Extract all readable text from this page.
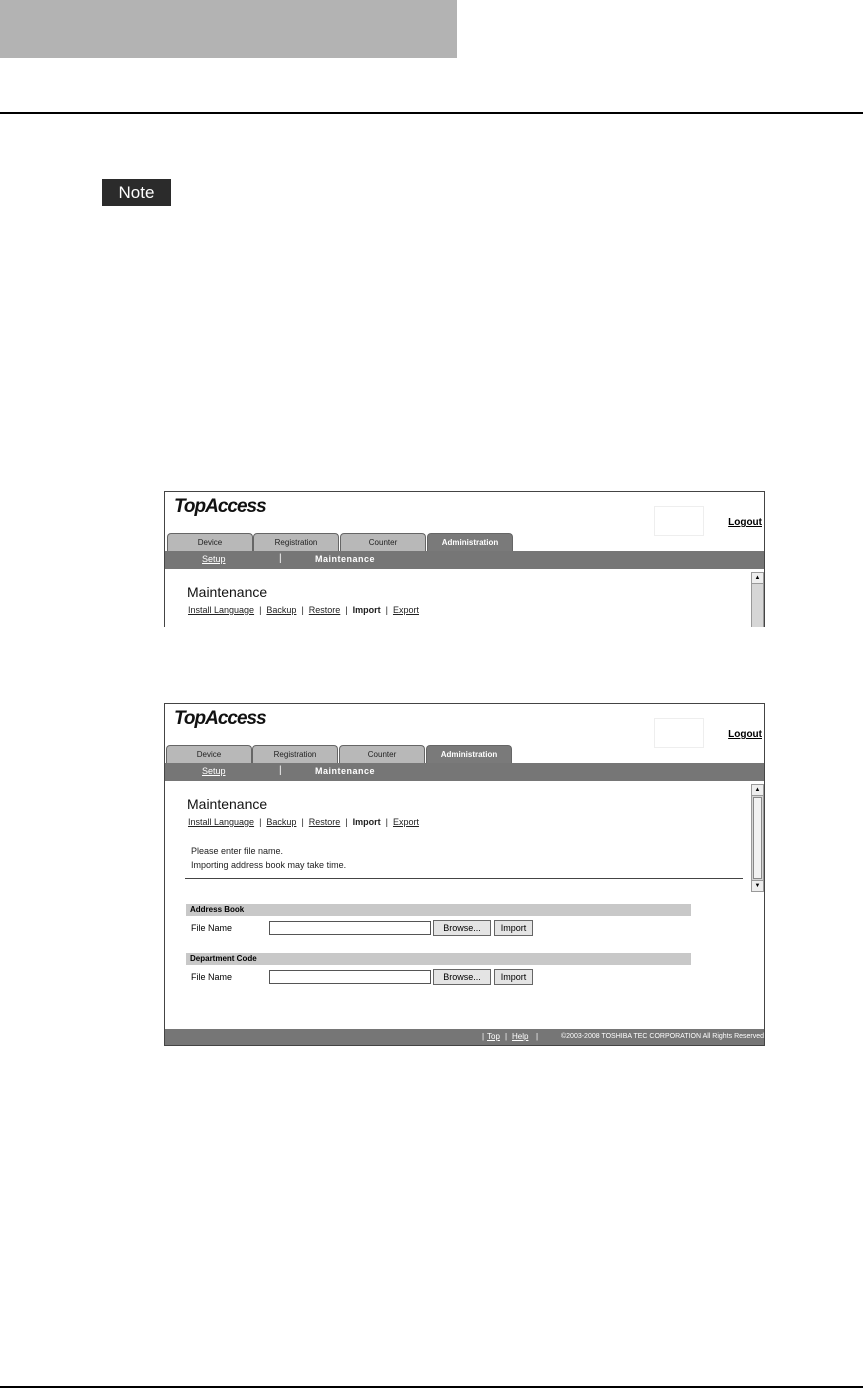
Note
TopAccess
Logout
Device	Registration	Counter	Administration
Setup	|	Maintenance
Maintenance
Install Language | Backup | Restore | Import | Export
▲
TopAccess
Logout
Device	Registration	Counter	Administration
Setup	|	Maintenance
Maintenance
Install Language | Backup | Restore | Import | Export
Please enter file name.
Importing address book may take time.
▲
▼
Address Book
File Name	Browse...	Import
Department Code
File Name	Browse...	Import
| Top | Help |	©2003-2008 TOSHIBA TEC CORPORATION All Rights Reserved
